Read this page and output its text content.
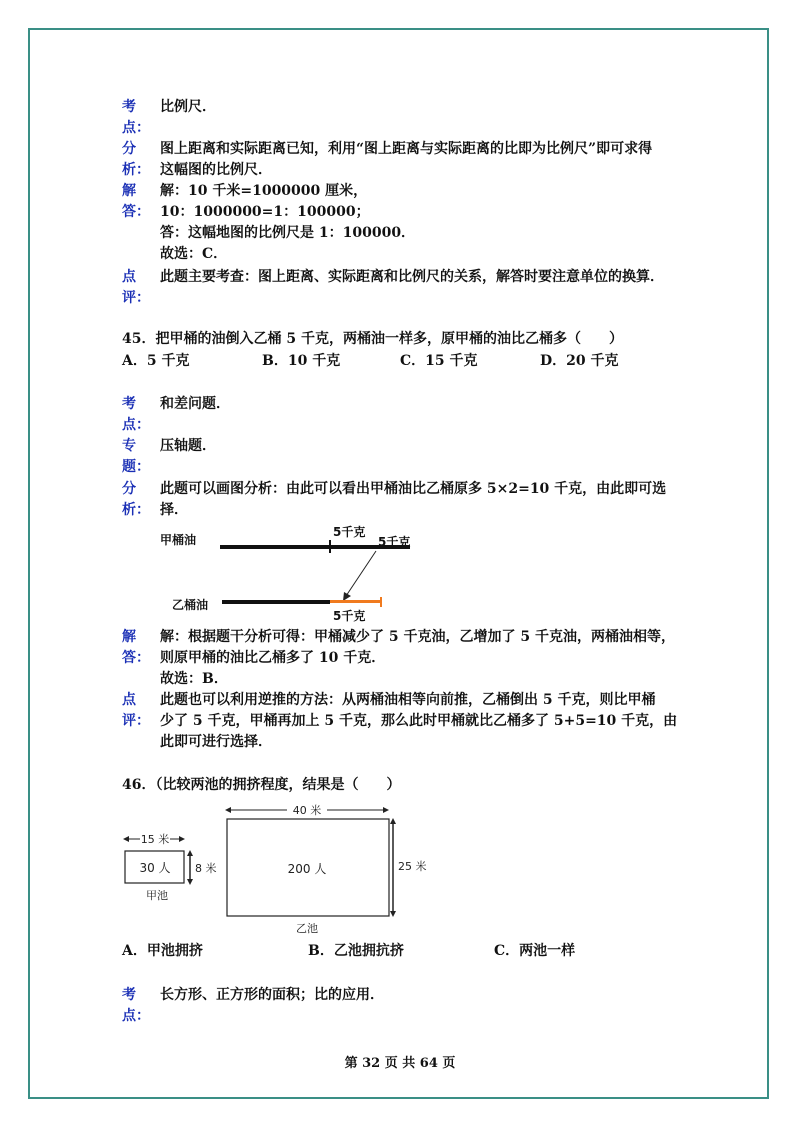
考
点：
比例尺．
分
析：
图上距离和实际距离已知，利用“图上距离与实际距离的比即为比例尺”即可求得
这幅图的比例尺．
解
答：
解：10 千米=1000000 厘米，
10：1000000=1：100000；
答：这幅地图的比例尺是 1：100000．
故选：C．
点
评：
此题主要考查：图上距离、实际距离和比例尺的关系，解答时要注意单位的换算．
45．把甲桶的油倒入乙桶 5 千克，两桶油一样多，原甲桶的油比乙桶多（　　）
A．5 千克	B．10 千克	C．15 千克	D．20 千克
考
点：
和差问题．
专
题：
压轴题．
分
析：
此题可以画图分析：由此可以看出甲桶油比乙桶原多 5×2=10 千克，由此即可选
择．
甲桶油
5千克
5千克
乙桶油
5千克
解
答：
解：根据题干分析可得：甲桶减少了 5 千克油，乙增加了 5 千克油，两桶油相等，
则原甲桶的油比乙桶多了 10 千克．
故选：B．
点
评：
此题也可以利用逆推的方法：从两桶油相等向前推，乙桶倒出 5 千克，则比甲桶
少了 5 千克，甲桶再加上 5 千克，那么此时甲桶就比乙桶多了 5+5=10 千克，由
此即可进行选择．
46．（比较两池的拥挤程度，结果是（　　）
15 米
30 人 8 米
甲池
40 米
200 人	25 米
乙池
A．甲池拥挤	B．乙池拥抗挤	C．两池一样
考
点：
长方形、正方形的面积；比的应用．
第 32 页 共 64 页
